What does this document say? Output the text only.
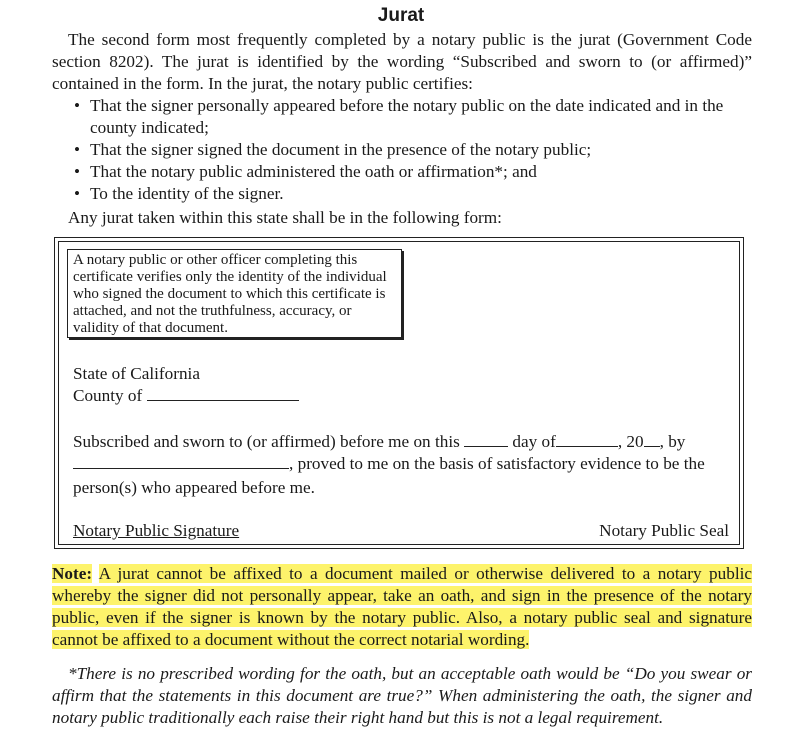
Jurat

The second form most frequently completed by a notary public is the jurat (Government Code section 8202). The jurat is identified by the wording “Subscribed and sworn to (or affirmed)” contained in the form. In the jurat, the notary public certifies:

• That the signer personally appeared before the notary public on the date indicated and in the county indicated;
• That the signer signed the document in the presence of the notary public;
• That the notary public administered the oath or affirmation*; and
• To the identity of the signer.
Any jurat taken within this state shall be in the following form:
A notary public or other officer completing this certificate verifies only the identity of the individual who signed the document to which this certificate is attached, and not the truthfulness, accuracy, or validity of that document.
State of California
County of
Subscribed and sworn to (or affirmed) before me on this	day of	, 20 , by
, proved to me on the basis of satisfactory evidence to be the
person(s) who appeared before me.
Notary Public Signature	Notary Public Seal
Note: A jurat cannot be affixed to a document mailed or otherwise delivered to a notary public whereby the signer did not personally appear, take an oath, and sign in the presence of the notary public, even if the signer is known by the notary public. Also, a notary public seal and signature cannot be affixed to a document without the correct notarial wording.

*There is no prescribed wording for the oath, but an acceptable oath would be “Do you swear or affirm that the statements in this document are true?” When administering the oath, the signer and notary public traditionally each raise their right hand but this is not a legal requirement.
